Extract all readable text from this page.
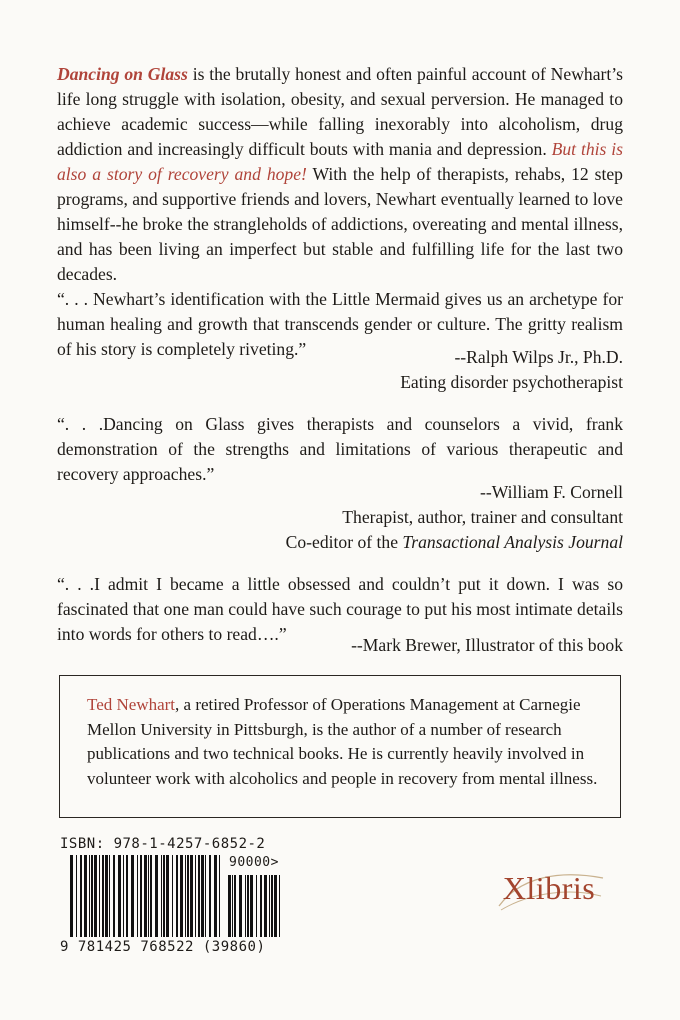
Dancing on Glass is the brutally honest and often painful account of Newhart’s life long struggle with isolation, obesity, and sexual perversion. He managed to achieve academic success—while falling inexorably into alcoholism, drug addiction and increasingly difficult bouts with mania and depression. But this is also a story of recovery and hope! With the help of therapists, rehabs, 12 step programs, and supportive friends and lovers, Newhart eventually learned to love himself--he broke the strangleholds of addictions, overeating and mental illness, and has been living an imperfect but stable and fulfilling life for the last two decades.

“. . . Newhart’s identification with the Little Mermaid gives us an archetype for human healing and growth that transcends gender or culture. The gritty realism of his story is completely riveting.”	--Ralph Wilps Jr., Ph.D.
Eating disorder psychotherapist

“. . .Dancing on Glass gives therapists and counselors a vivid, frank demonstration of the strengths and limitations of various therapeutic and recovery approaches.”

--William F. Cornell
Therapist, author, trainer and consultant
Co-editor of the Transactional Analysis Journal

“. . .I admit I became a little obsessed and couldn’t put it down. I was so fascinated that one man could have such courage to put his most intimate details into words for others to read….”

--Mark Brewer, Illustrator of this book

Ted Newhart, a retired Professor of Operations Management at Carnegie Mellon University in Pittsburgh, is the author of a number of research publications and two technical books. He is currently heavily involved in volunteer work with alcoholics and people in recovery from mental illness.

ISBN: 978-1-4257-6852-2
90000>
9 781425 768522 (39860)
Xlibris
